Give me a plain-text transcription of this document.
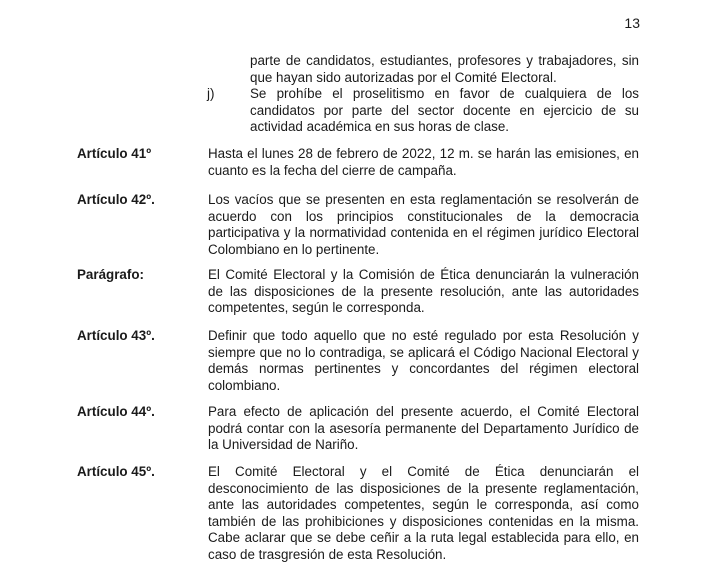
13
parte de candidatos, estudiantes, profesores y trabajadores, sin que hayan sido autorizadas por el Comité Electoral.
j)	Se prohíbe el proselitismo en favor de cualquiera de los candidatos por parte del sector docente en ejercicio de su actividad académica en sus horas de clase.
Artículo 41º	Hasta el lunes 28 de febrero de 2022, 12 m. se harán las emisiones, en cuanto es la fecha del cierre de campaña.
Artículo 42º.	Los vacíos que se presenten en esta reglamentación se resolverán de acuerdo con los principios constitucionales de la democracia participativa y la normatividad contenida en el régimen jurídico Electoral Colombiano en lo pertinente.
Parágrafo:	El Comité Electoral y la Comisión de Ética denunciarán la vulneración de las disposiciones de la presente resolución, ante las autoridades competentes, según le corresponda.
Artículo 43º.	Definir que todo aquello que no esté regulado por esta Resolución y siempre que no lo contradiga, se aplicará el Código Nacional Electoral y demás normas pertinentes y concordantes del régimen electoral colombiano.
Artículo 44º.	Para efecto de aplicación del presente acuerdo, el Comité Electoral podrá contar con la asesoría permanente del Departamento Jurídico de la Universidad de Nariño.
Artículo 45º.	El Comité Electoral y el Comité de Ética denunciarán el desconocimiento de las disposiciones de la presente reglamentación, ante las autoridades competentes, según le corresponda, así como también de las prohibiciones y disposiciones contenidas en la misma. Cabe aclarar que se debe ceñir a la ruta legal establecida para ello, en caso de trasgresión de esta Resolución.
